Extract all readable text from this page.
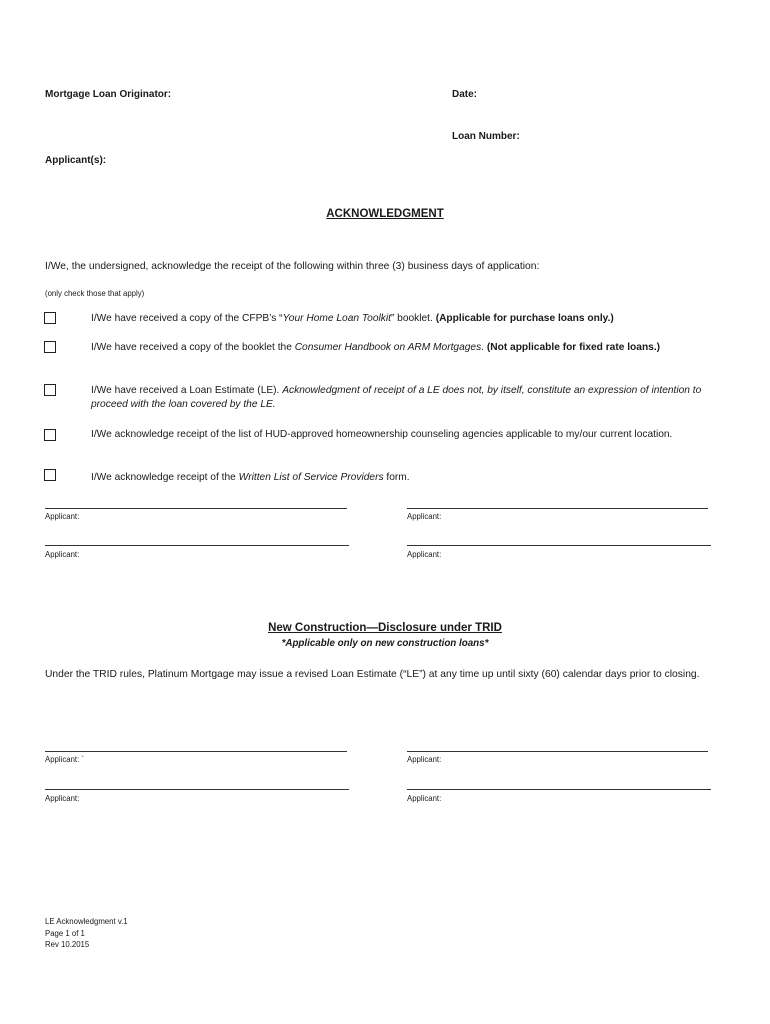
Mortgage Loan Originator:	Date:
Loan Number:
Applicant(s):
ACKNOWLEDGMENT
I/We, the undersigned, acknowledge the receipt of the following within three (3) business days of application:
(only check those that apply)
I/We have received a copy of the CFPB’s “Your Home Loan Toolkit” booklet. (Applicable for purchase loans only.)
I/We have received a copy of the booklet the Consumer Handbook on ARM Mortgages. (Not applicable for fixed rate loans.)
I/We have received a Loan Estimate (LE). Acknowledgment of receipt of a LE does not, by itself, constitute an expression of intention to proceed with the loan covered by the LE.
I/We acknowledge receipt of the list of HUD-approved homeownership counseling agencies applicable to my/our current location.
I/We acknowledge receipt of the Written List of Service Providers form.
Applicant:	Applicant:
Applicant:	Applicant:
New Construction—Disclosure under TRID
*Applicable only on new construction loans*
Under the TRID rules, Platinum Mortgage may issue a revised Loan Estimate (“LE”) at any time up until sixty (60) calendar days prior to closing.
Applicant: `	Applicant:
Applicant:	Applicant:
LE Acknowledgment v.1
Page 1 of 1
Rev 10.2015
